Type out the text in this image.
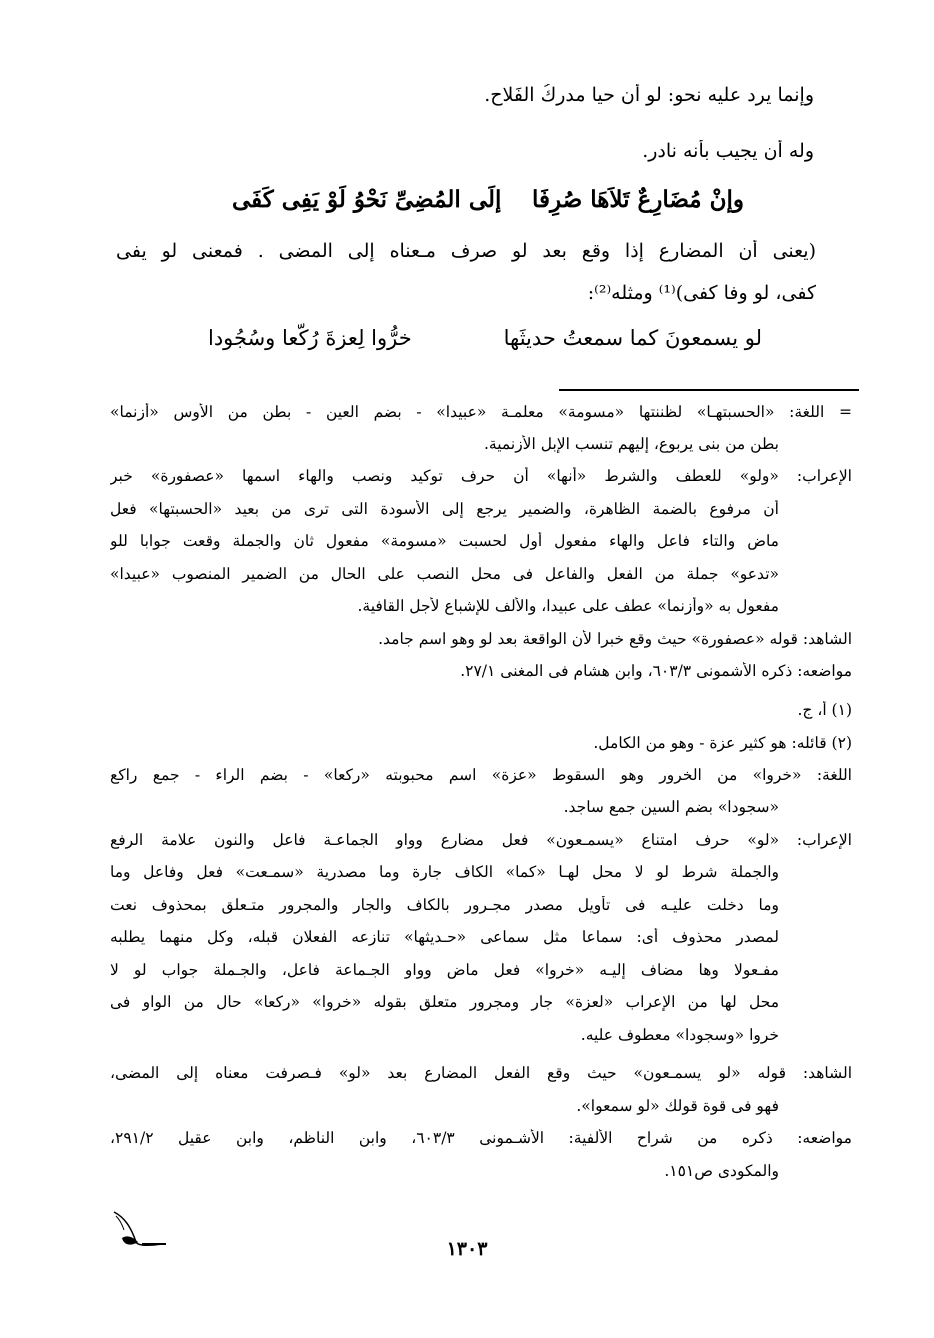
وإنما يرد عليه نحو: لو أن حيا مدركُ الفَلاحِ.
وله أن يجيب بأنه نادر.
وإنْ مُضَارِعٌ تَلاَهَا صُرِفَا
إلَى المُضِىِّ نَحْوُ لَوْ يَفِى كَفَى
(يعنى أن المضارع إذا وقع بعد لو صرف مـعناه إلى المضى . فمعنى لو يفى
كفى، لو وفا كفى)⁽¹⁾ ومثله⁽²⁾:
لو يسمعونَ كما سمعتُ حديثَها
خرُّوا لِعزةَ رُكّعا وسُجُودا
= اللغة: «الحسبتهـا» لظننتها «مسومة» معلمـة «عبيدا» - بضم العين - بطن من الأوس «أزنما»
بطن من بنى يربوع، إليهم تنسب الإبل الأزنمية.
الإعراب: «ولو» للعطف والشرط «أنها» أن حرف توكيد ونصب والهاء اسمها «عصفورة» خبر
أن مرفوع بالضمة الظاهرة، والضمير يرجع إلى الأسودة التى ترى من بعيد «الحسبتها» فعل
ماض والتاء فاعل والهاء مفعول أول لحسبت «مسومة» مفعول ثان والجملة وقعت جوابا للو
«تدعو» جملة من الفعل والفاعل فى محل النصب على الحال من الضمير المنصوب «عبيدا»
مفعول به «وأزنما» عطف على عبيدا، والألف للإشباع لأجل القافية.
الشاهد: قوله «عصفورة» حيث وقع خبرا لأن الواقعة بعد لو وهو اسم جامد.
مواضعه: ذكره الأشمونى ٦٠٣/٣، وابن هشام فى المغنى ٢٧/١.
(١) أ، ج.
(٢) قائله: هو كثير عزة - وهو من الكامل.
اللغة: «خروا» من الخرور وهو السقوط «عزة» اسم محبوبته «ركعا» - بضم الراء - جمع راكع
«سجودا» بضم السين جمع ساجد.
الإعراب: «لو» حرف امتناع «يسمـعون» فعل مضارع وواو الجماعـة فاعل والنون علامة الرفع
والجملة شرط لو لا محل لهـا «كما» الكاف جارة وما مصدرية «سمـعت» فعل وفاعل وما
وما دخلت عليـه فى تأويل مصدر مجـرور بالكاف والجار والمجرور متـعلق بمحذوف نعت
لمصدر محذوف أى: سماعا مثل سماعى «حـديثها» تنازعه الفعلان قبله، وكل منهما يطلبه
مفـعولا وها مضاف إليـه «خروا» فعل ماض وواو الجـماعة فاعل، والجـملة جواب لو لا
محل لها من الإعراب «لعزة» جار ومجرور متعلق بقوله «خروا» «ركعا» حال من الواو فى
خروا «وسجودا» معطوف عليه.
الشاهد: قوله «لو يسمـعون» حيث وقع الفعل المضارع بعد «لو» فـصرفت معناه إلى المضى،
فهو فى قوة قولك «لو سمعوا».
مواضعه: ذكره من شراح الألفية: الأشـمونى ٦٠٣/٣، وابن الناظم، وابن عقيل ٢٩١/٢،
والمكودى ص١٥١.
١٣٠٣
